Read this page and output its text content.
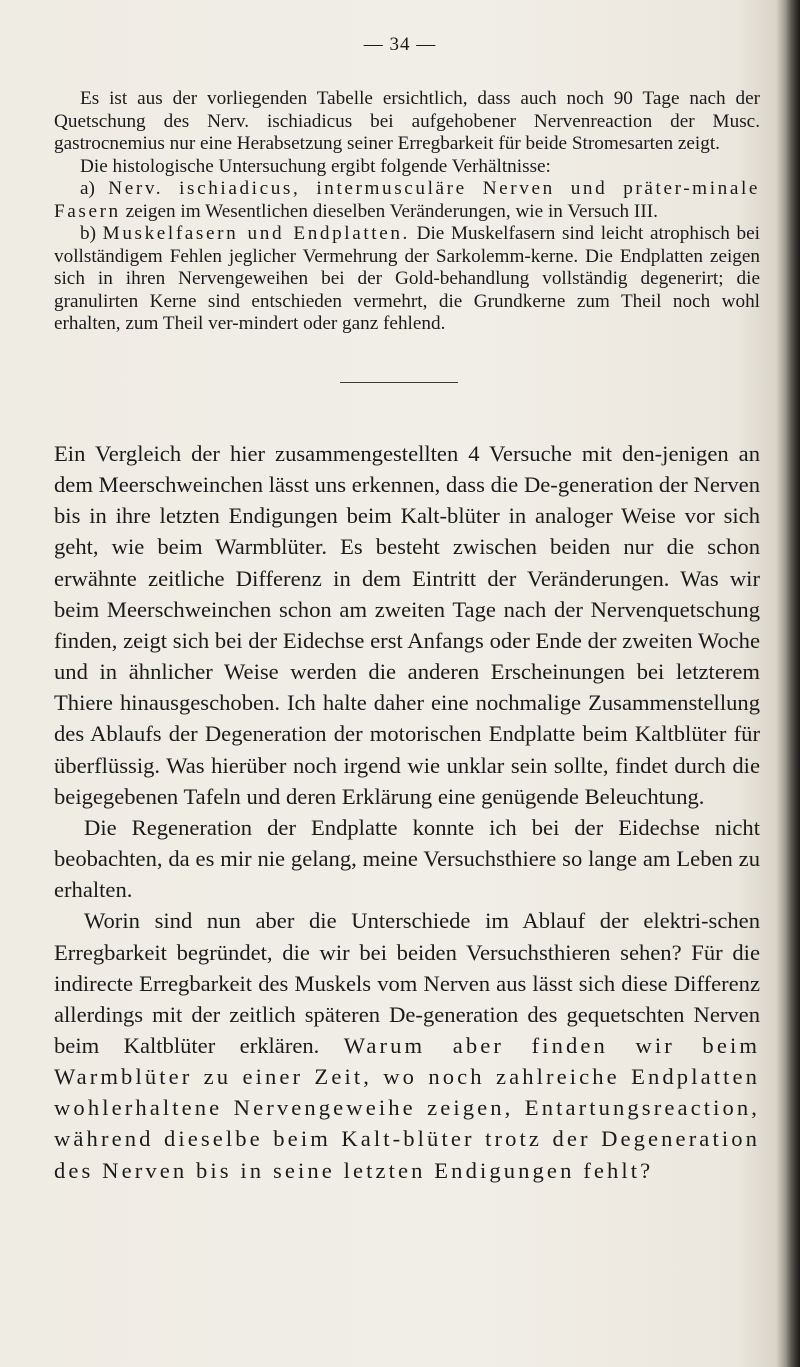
— 34 —

Es ist aus der vorliegenden Tabelle ersichtlich, dass auch noch 90 Tage nach der Quetschung des Nerv. ischiadicus bei aufgehobener Nervenreaction der Musc. gastrocnemius nur eine Herabsetzung seiner Erregbarkeit für beide Stromesarten zeigt.

Die histologische Untersuchung ergibt folgende Verhältnisse:

a) Nerv. ischiadicus, intermusculäre Nerven und präter-minale Fasern zeigen im Wesentlichen dieselben Veränderungen, wie in Versuch III.

b) Muskelfasern und Endplatten. Die Muskelfasern sind leicht atrophisch bei vollständigem Fehlen jeglicher Vermehrung der Sarkolemm-kerne. Die Endplatten zeigen sich in ihren Nervengeweihen bei der Gold-behandlung vollständig degenerirt; die granulirten Kerne sind entschieden vermehrt, die Grundkerne zum Theil noch wohl erhalten, zum Theil ver-mindert oder ganz fehlend.

Ein Vergleich der hier zusammengestellten 4 Versuche mit den-jenigen an dem Meerschweinchen lässt uns erkennen, dass die De-generation der Nerven bis in ihre letzten Endigungen beim Kalt-blüter in analoger Weise vor sich geht, wie beim Warmblüter. Es besteht zwischen beiden nur die schon erwähnte zeitliche Differenz in dem Eintritt der Veränderungen. Was wir beim Meerschweinchen schon am zweiten Tage nach der Nervenquetschung finden, zeigt sich bei der Eidechse erst Anfangs oder Ende der zweiten Woche und in ähnlicher Weise werden die anderen Erscheinungen bei letzterem Thiere hinausgeschoben. Ich halte daher eine nochmalige Zusammenstellung des Ablaufs der Degeneration der motorischen Endplatte beim Kaltblüter für überflüssig. Was hierüber noch irgend wie unklar sein sollte, findet durch die beigegebenen Tafeln und deren Erklärung eine genügende Beleuchtung.

Die Regeneration der Endplatte konnte ich bei der Eidechse nicht beobachten, da es mir nie gelang, meine Versuchsthiere so lange am Leben zu erhalten.

Worin sind nun aber die Unterschiede im Ablauf der elektri-schen Erregbarkeit begründet, die wir bei beiden Versuchsthieren sehen? Für die indirecte Erregbarkeit des Muskels vom Nerven aus lässt sich diese Differenz allerdings mit der zeitlich späteren De-generation des gequetschten Nerven beim Kaltblüter erklären. Warum aber finden wir beim Warmblüter zu einer Zeit, wo noch zahlreiche Endplatten wohlerhaltene Nervengeweihe zeigen, Entartungsreaction, während dieselbe beim Kalt-blüter trotz der Degeneration des Nerven bis in seine letzten Endigungen fehlt?
